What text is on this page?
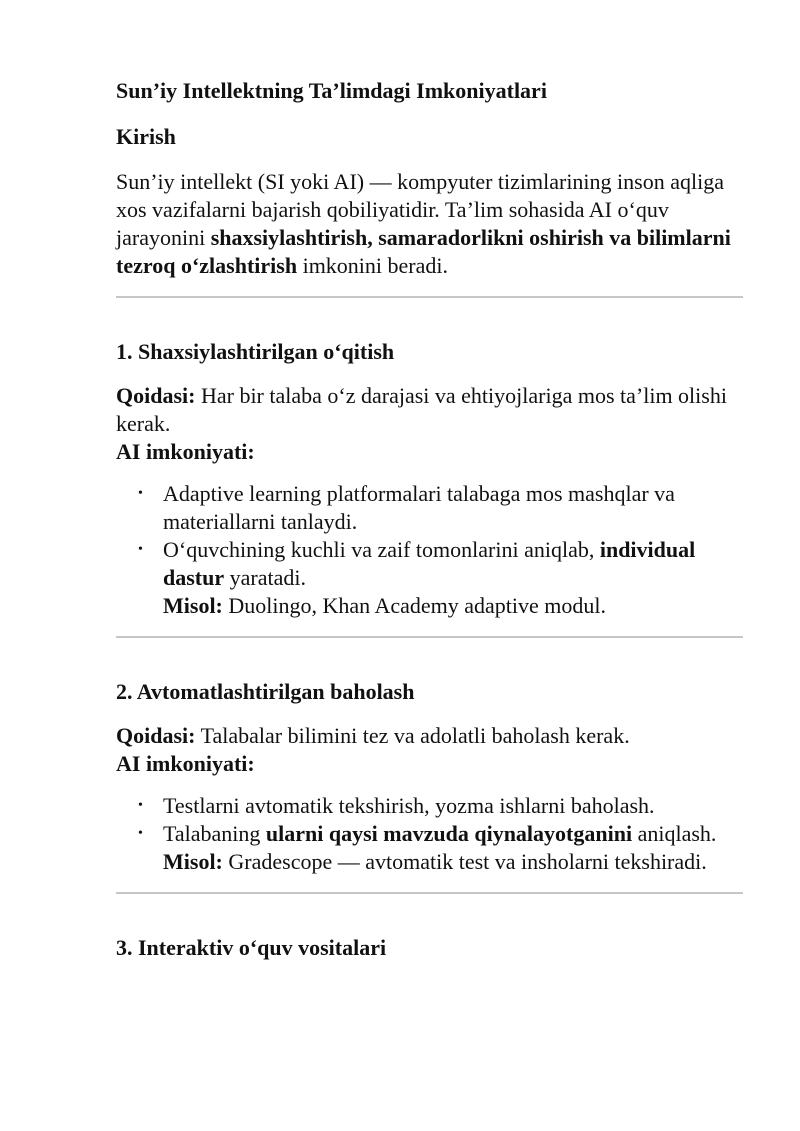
Sun’iy Intellektning Ta’limdagi Imkoniyatlari
Kirish

Sun’iy intellekt (SI yoki AI) — kompyuter tizimlarining inson aqliga xos vazifalarni bajarish qobiliyatidir. Ta’lim sohasida AI o‘quv jarayonini shaxsiylashtirish, samaradorlikni oshirish va bilimlarni tezroq o‘zlashtirish imkonini beradi.

1. Shaxsiylashtirilgan o‘qitish

Qoidasi: Har bir talaba o‘z darajasi va ehtiyojlariga mos ta’lim olishi kerak.

AI imkoniyati:

• Adaptive learning platformalari talabaga mos mashqlar va materiallarni tanlaydi.
• O‘quvchining kuchli va zaif tomonlarini aniqlab, individual dastur yaratadi.
Misol: Duolingo, Khan Academy adaptive modul.
2. Avtomatlashtirilgan baholash

Qoidasi: Talabalar bilimini tez va adolatli baholash kerak.

AI imkoniyati:

• Testlarni avtomatik tekshirish, yozma ishlarni baholash.
• Talabaning ularni qaysi mavzuda qiynalayotganini aniqlash.
Misol: Gradescope — avtomatik test va insholarni tekshiradi.
3. Interaktiv o‘quv vositalari
